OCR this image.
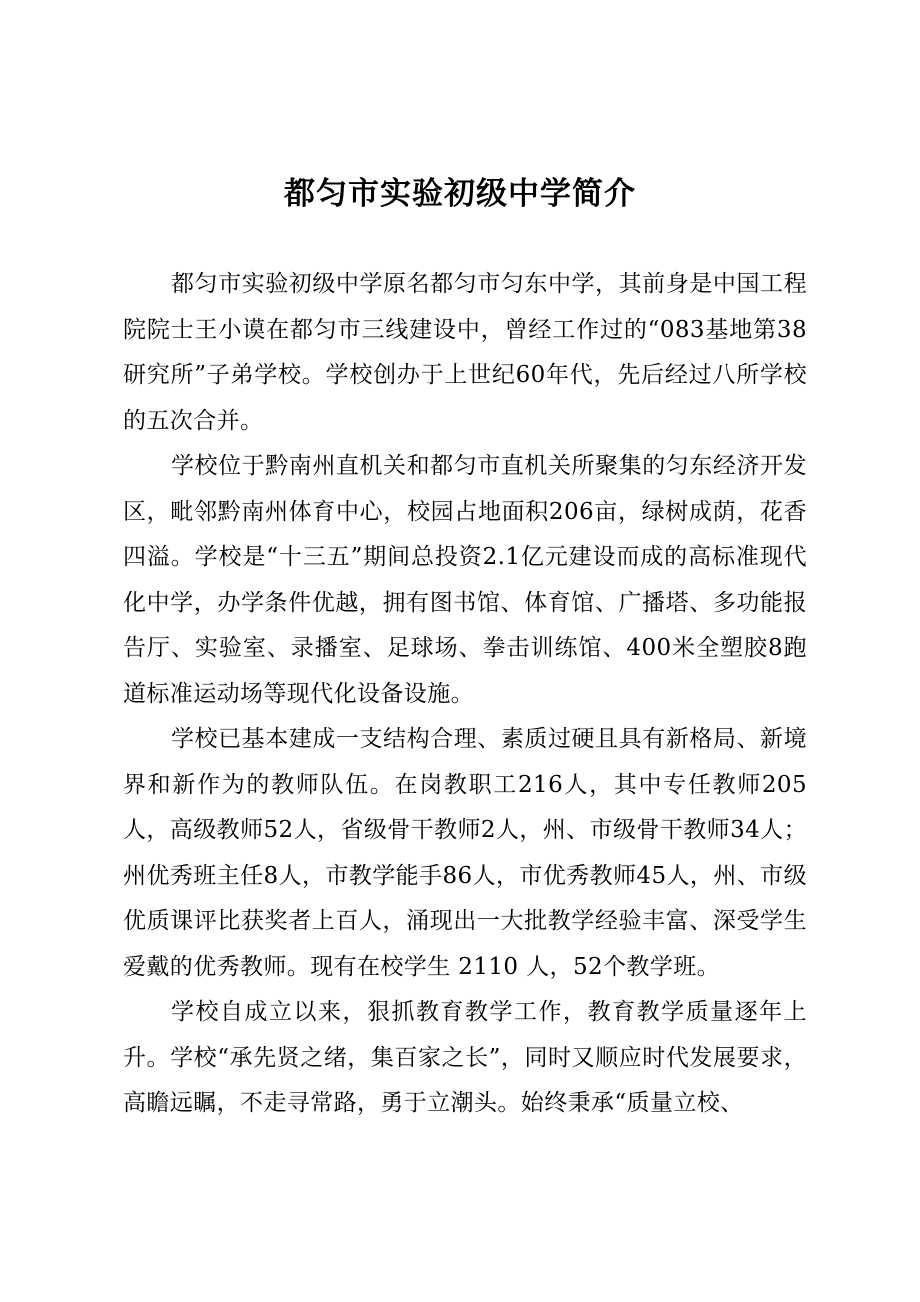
都匀市实验初级中学简介

都匀市实验初级中学原名都匀市匀东中学，其前身是中国工程院院士王小谟在都匀市三线建设中，曾经工作过的“083基地第38研究所”子弟学校。学校创办于上世纪60年代，先后经过八所学校的五次合并。

学校位于黔南州直机关和都匀市直机关所聚集的匀东经济开发区，毗邻黔南州体育中心，校园占地面积206亩，绿树成荫，花香四溢。学校是“十三五”期间总投资2.1亿元建设而成的高标准现代化中学，办学条件优越，拥有图书馆、体育馆、广播塔、多功能报告厅、实验室、录播室、足球场、拳击训练馆、400米全塑胶8跑道标准运动场等现代化设备设施。

学校已基本建成一支结构合理、素质过硬且具有新格局、新境界和新作为的教师队伍。在岗教职工216人，其中专任教师205人，高级教师52人，省级骨干教师2人，州、市级骨干教师34人；州优秀班主任8人，市教学能手86人，市优秀教师45人，州、市级优质课评比获奖者上百人，涌现出一大批教学经验丰富、深受学生爱戴的优秀教师。现有在校学生 2110 人，52个教学班。

学校自成立以来，狠抓教育教学工作，教育教学质量逐年上升。学校“承先贤之绪，集百家之长”，同时又顺应时代发展要求，高瞻远瞩，不走寻常路，勇于立潮头。始终秉承“质量立校、
